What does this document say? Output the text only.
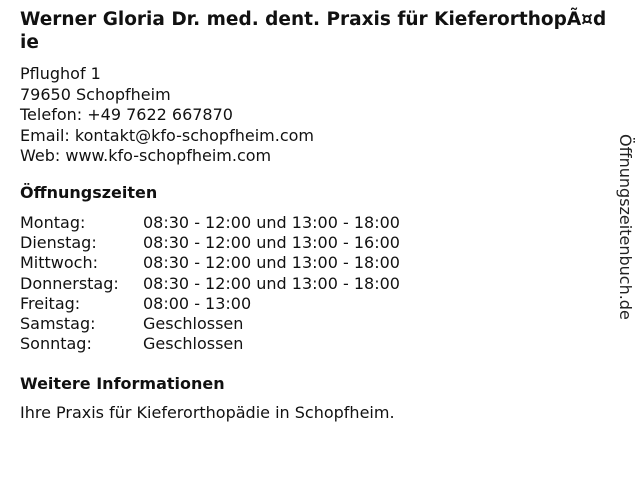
Werner Gloria Dr. med. dent. Praxis für KieferorthopÃ¤die
Pflughof 1
79650 Schopfheim
Telefon: +49 7622 667870
Email: kontakt@kfo-schopfheim.com
Web: www.kfo-schopfheim.com
Öffnungszeiten
Montag:	08:30 - 12:00 und 13:00 - 18:00
Dienstag:	08:30 - 12:00 und 13:00 - 16:00
Mittwoch:	08:30 - 12:00 und 13:00 - 18:00
Donnerstag:	08:30 - 12:00 und 13:00 - 18:00
Freitag:	08:00 - 13:00
Samstag:	Geschlossen
Sonntag:	Geschlossen
Weitere Informationen
Ihre Praxis für Kieferorthopädie in Schopfheim.
Öffnungszeitenbuch.de
